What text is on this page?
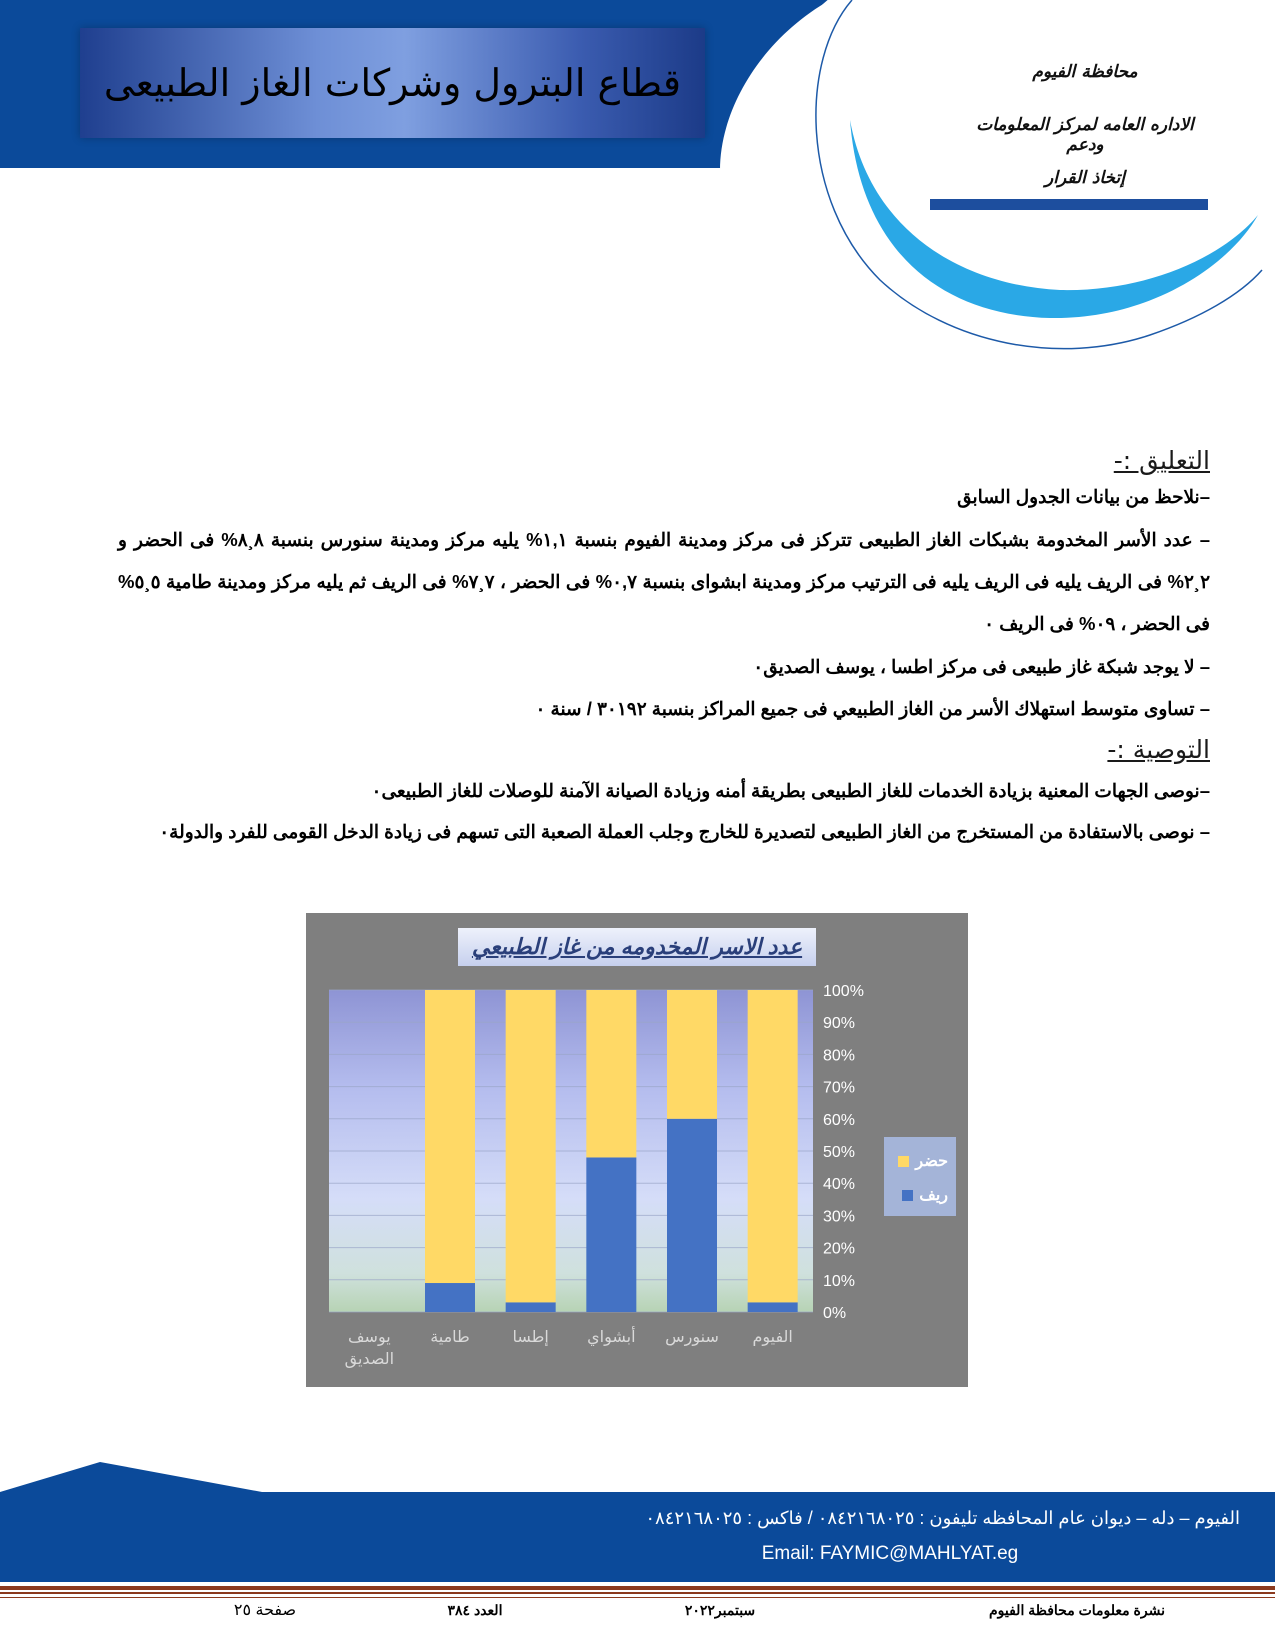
قطاع البترول وشركات الغاز الطبيعى	محافظة الفيوم
الاداره العامه لمركز المعلومات ودعم
إتخاذ القرار
التعليق :-
–نلاحظ من بيانات الجدول السابق
– عدد الأسر المخدومة بشبكات الغاز الطبيعى تتركز فى مركز ومدينة الفيوم بنسبة ١,١% يليه مركز ومدينة سنورس بنسبة ٨¸٨% فى الحضر و ٢¸٢% فى الريف يليه فى الريف يليه فى الترتيب مركز ومدينة ابشواى بنسبة ٠,٧% فى الحضر ، ٧¸٧% فى الريف ثم يليه مركز ومدينة طامية ٥¸٥% فى الحضر ، ٠٩% فى الريف ٠
– لا يوجد شبكة غاز طبيعى فى مركز اطسا ، يوسف الصديق٠
– تساوى متوسط استهلاك الأسر من الغاز الطبيعي فى جميع المراكز بنسبة ٣٠١٩٢ / سنة ٠
التوصية :-
–نوصى الجهات المعنية بزيادة الخدمات للغاز الطبيعى بطريقة أمنه وزيادة الصيانة الآمنة للوصلات للغاز الطبيعى٠
– نوصى بالاستفادة من المستخرج من الغاز الطبيعى لتصديرة للخارج وجلب العملة الصعبة التى تسهم فى زيادة الدخل القومى للفرد والدولة٠
عدد الاسر المخدومه من غاز الطبيعي
0%
10%
20%
30%
40%
50%
60%
70%
80%
90%
100%
يوسف
الصديق
طامية	إطسا أبشواي سنورس الفيوم
حضر
ريف
الفيوم – دله – ديوان عام المحافظه تليفون : ٠٨٤٢١٦٨٠٢٥ / فاكس : ٠٨٤٢١٦٨٠٢٥
Email: FAYMIC@MAHLYAT.eg
نشرة معلومات محافظة الفيوم
سبتمبر٢٠٢٢
العدد ٣٨٤
صفحة ٢٥
